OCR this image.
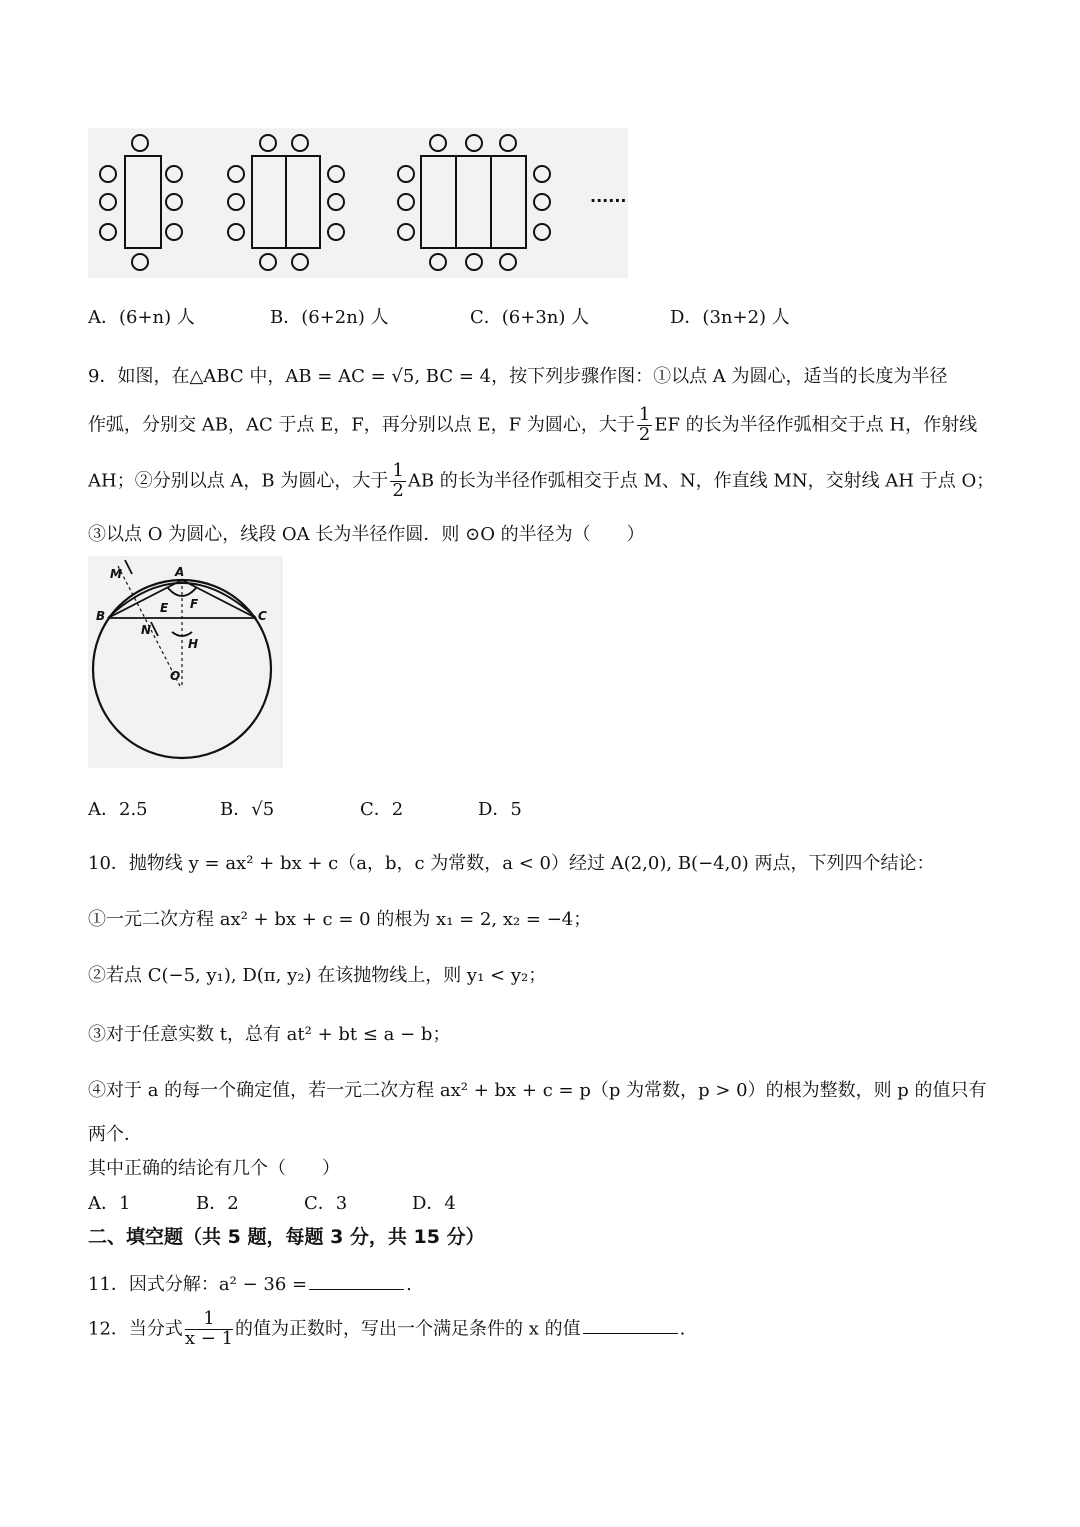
......
A．(6+n) 人	B．(6+2n) 人	C．(6+3n) 人	D．(3n+2) 人
9．如图，在△ABC 中，AB = AC = √5, BC = 4，按下列步骤作图：①以点 A 为圆心，适当的长度为半径
作弧，分别交 AB，AC 于点 E，F，再分别以点 E，F 为圆心，大于 $\frac{1}{2}$ EF 的长为半径作弧相交于点 H，作射线
AH；②分别以点 A，B 为圆心，大于 $\frac{1}{2}$ AB 的长为半径作弧相交于点 M、N，作直线 MN，交射线 AH 于点 O；
③以点 O 为圆心，线段 OA 长为半径作圆．则 ⊙O 的半径为（　　）
M	A
B	C
E F
N
H
O
A．2.5	B．√5	C．2	D．5
10．抛物线 y = ax² + bx + c（a，b，c 为常数，a < 0）经过 A(2,0), B(−4,0) 两点，下列四个结论：
①一元二次方程 ax² + bx + c = 0 的根为 x₁ = 2, x₂ = −4；
②若点 C(−5, y₁), D(π, y₂) 在该抛物线上，则 y₁ < y₂；
③对于任意实数 t，总有 at² + bt ≤ a − b；
④对于 a 的每一个确定值，若一元二次方程 ax² + bx + c = p（p 为常数，p > 0）的根为整数，则 p 的值只有
两个．
其中正确的结论有几个（　　）
A．1	B．2	C．3	D．4
二、填空题（共 5 题，每题 3 分，共 15 分）
11．因式分解：a² − 36 =	.
12．当分式 $\frac{1}{x - 1}$ 的值为正数时，写出一个满足条件的 x 的值	.
